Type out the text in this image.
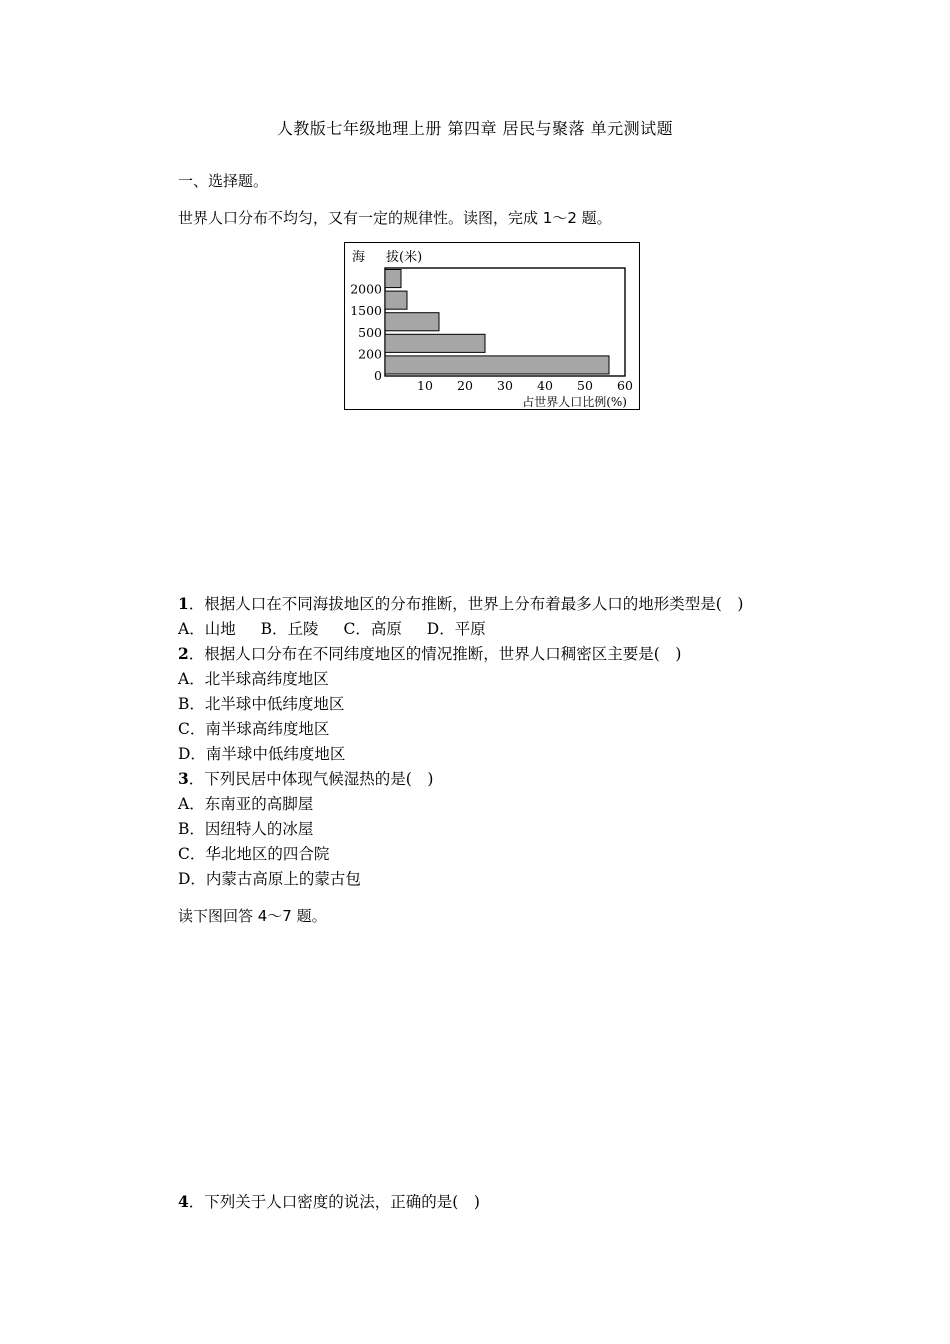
人教版七年级地理上册 第四章 居民与聚落 单元测试题
一、选择题。
世界人口分布不均匀，又有一定的规律性。读图，完成 1～2 题。
海 拔(米)
2000
1500
500
200
0
10 20 30 40 50 60
占世界人口比例(%)
1．根据人口在不同海拔地区的分布推断，世界上分布着最多人口的地形类型是(　)
A．山地 B．丘陵 C．高原 D．平原
2．根据人口分布在不同纬度地区的情况推断，世界人口稠密区主要是(　)
A．北半球高纬度地区
B．北半球中低纬度地区
C．南半球高纬度地区
D．南半球中低纬度地区
3．下列民居中体现气候湿热的是(　)
A．东南亚的高脚屋
B．因纽特人的冰屋
C．华北地区的四合院
D．内蒙古高原上的蒙古包
读下图回答 4～7 题。
4．下列关于人口密度的说法，正确的是(　)
